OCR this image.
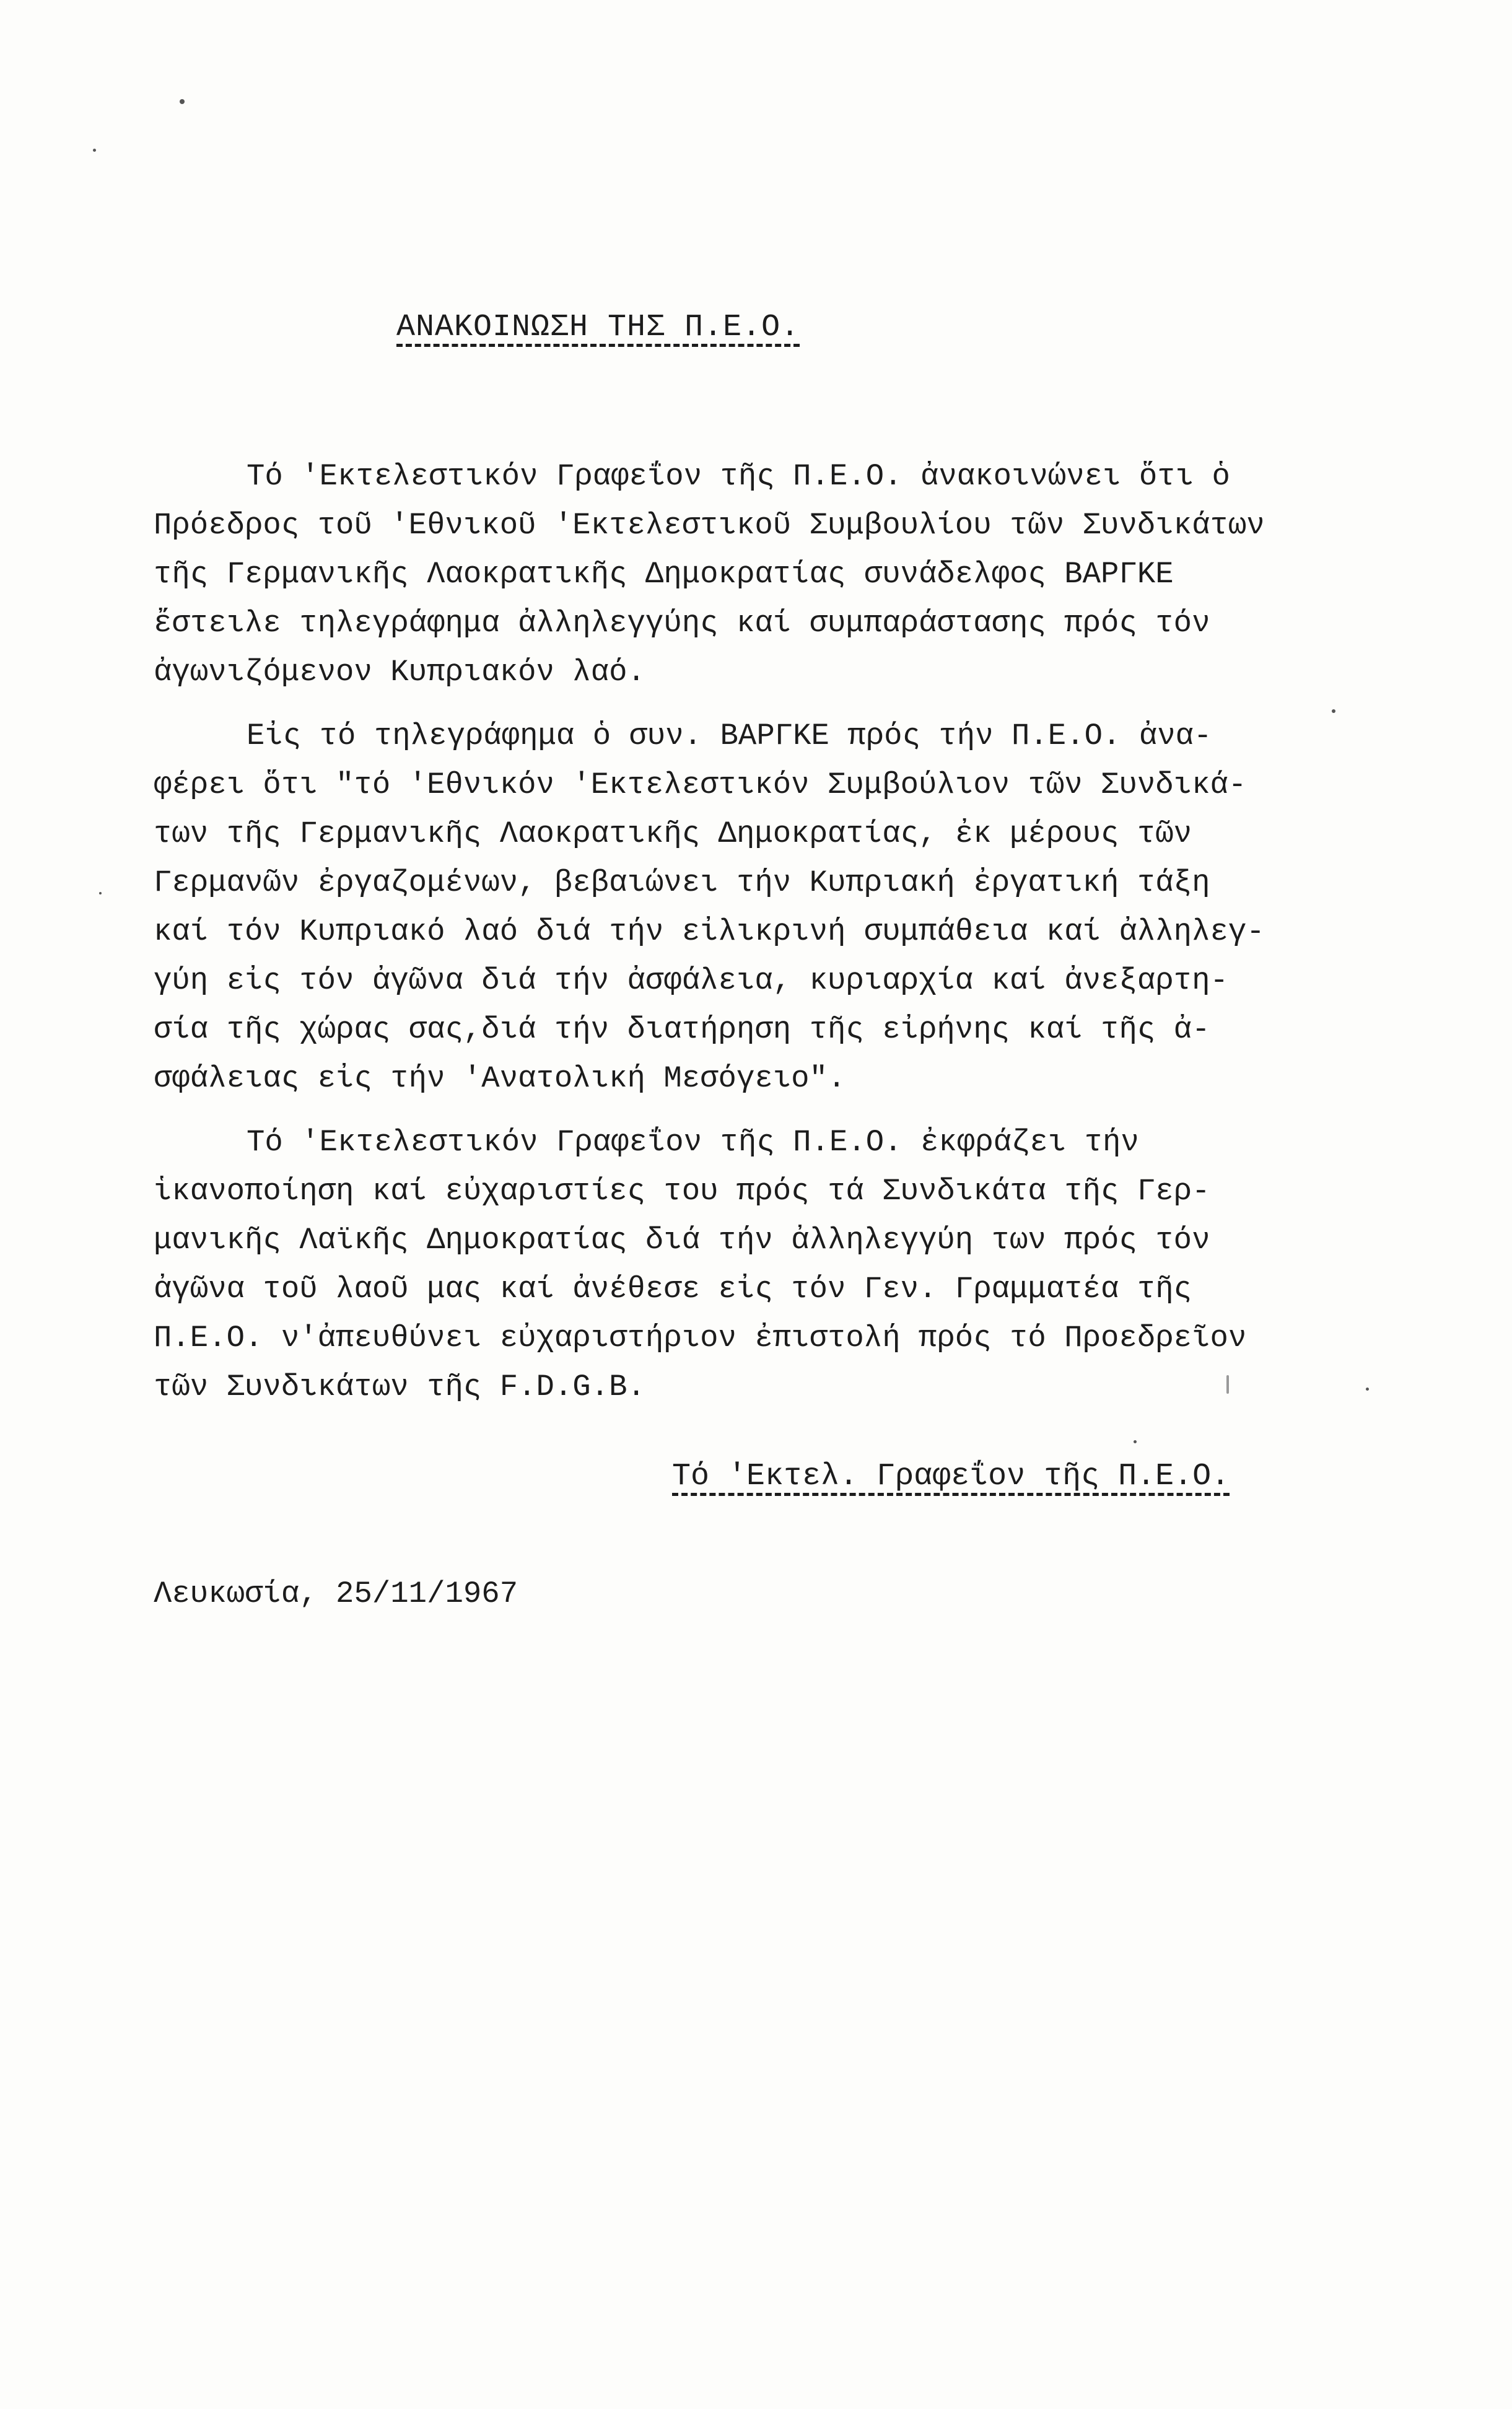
ΑΝΑΚΟΙΝΩΣΗ ΤΗΣ Π.Ε.Ο.
Τό 'Εκτελεστικόν Γραφεΐον τῆς Π.Ε.Ο. ἀνακοινώνει ὅτι ὁ
Πρόεδρος τοῦ 'Εθνικοῦ 'Εκτελεστικοῦ Συμβουλίου τῶν Συνδικάτων
τῆς Γερμανικῆς Λαοκρατικῆς Δημοκρατίας συνάδελφος ΒΑΡΓΚΕ
ἔστειλε τηλεγράφημα ἀλληλεγγύης καί συμπαράστασης πρός τόν
ἀγωνιζόμενον Κυπριακόν λαό.
Εἰς τό τηλεγράφημα ὁ συν. ΒΑΡΓΚΕ πρός τήν Π.Ε.Ο. ἀνα-
φέρει ὅτι "τό 'Εθνικόν 'Εκτελεστικόν Συμβούλιον τῶν Συνδικά-
των τῆς Γερμανικῆς Λαοκρατικῆς Δημοκρατίας, ἐκ μέρους τῶν
Γερμανῶν ἐργαζομένων, βεβαιώνει τήν Κυπριακή ἐργατική τάξη
καί τόν Κυπριακό λαό διά τήν εἰλικρινή συμπάθεια καί ἀλληλεγ-
γύη εἰς τόν ἀγῶνα διά τήν ἀσφάλεια, κυριαρχία καί ἀνεξαρτη-
σία τῆς χώρας σας,διά τήν διατήρηση τῆς εἰρήνης καί τῆς ἀ-
σφάλειας εἰς τήν 'Ανατολική Μεσόγειο".
Τό 'Εκτελεστικόν Γραφεΐον τῆς Π.Ε.Ο. ἐκφράζει τήν
ἱκανοποίηση καί εὐχαριστίες του πρός τά Συνδικάτα τῆς Γερ-
μανικῆς Λαϊκῆς Δημοκρατίας διά τήν ἀλληλεγγύη των πρός τόν
ἀγῶνα τοῦ λαοῦ μας καί ἀνέθεσε εἰς τόν Γεν. Γραμματέα τῆς
Π.Ε.Ο. ν'ἀπευθύνει εὐχαριστήριον ἐπιστολή πρός τό Προεδρεῖον
τῶν Συνδικάτων τῆς F.D.G.B.
Τό 'Εκτελ. Γραφεΐον τῆς Π.Ε.Ο.
Λευκωσία, 25/11/1967
